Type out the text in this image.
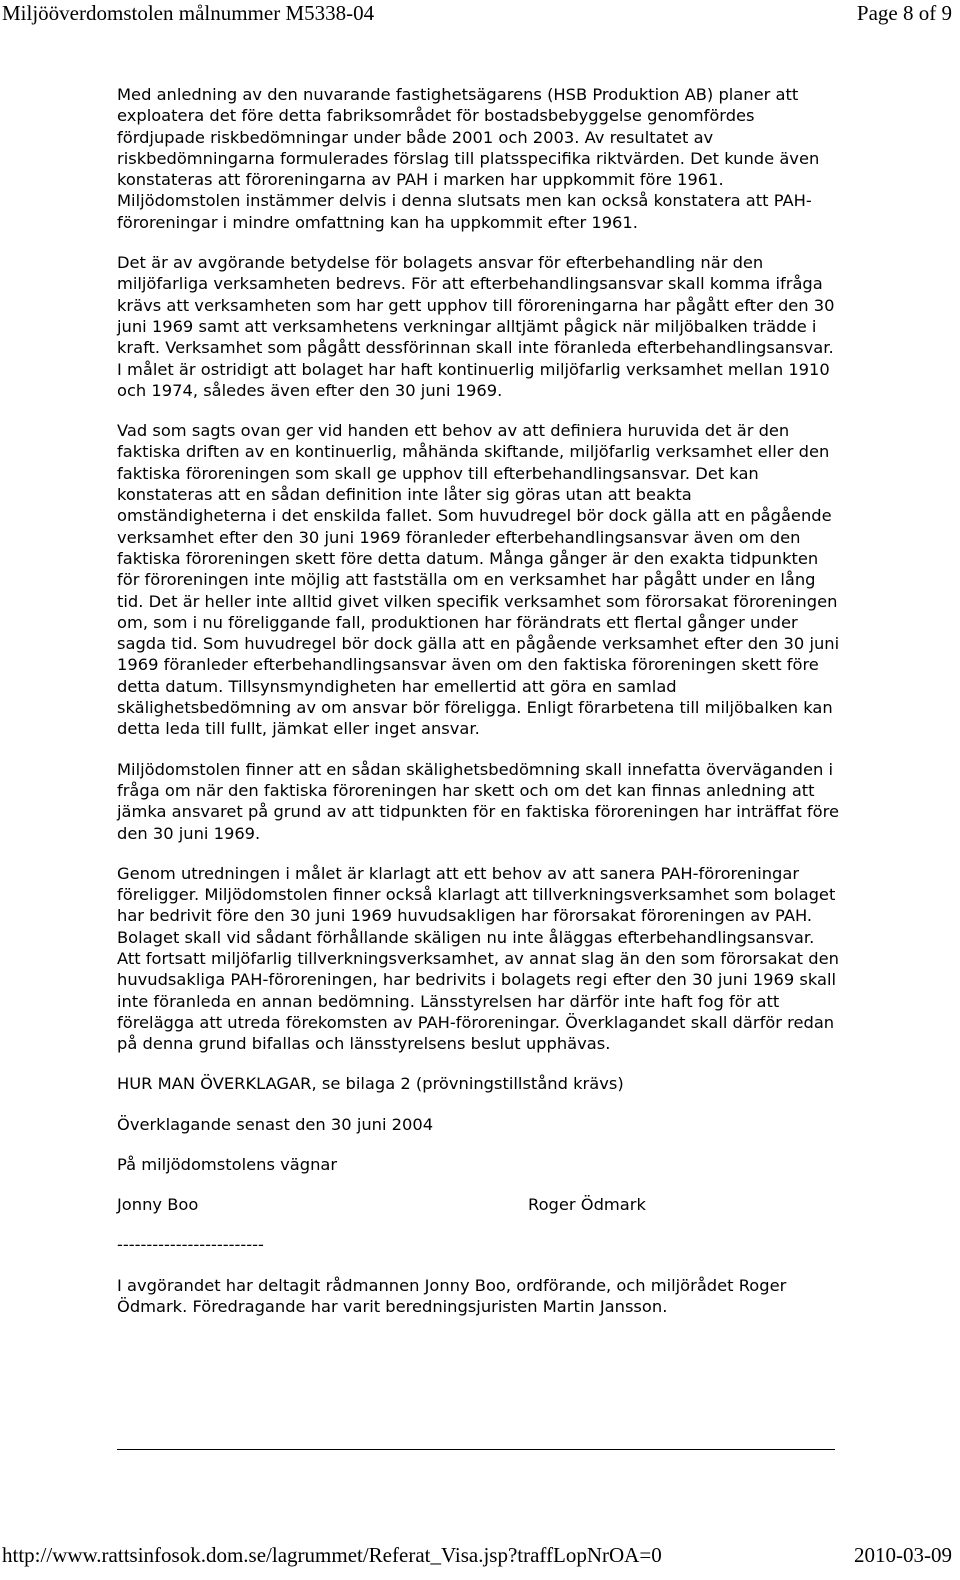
Miljööverdomstolen målnummer M5338-04	Page 8 of 9

Med anledning av den nuvarande fastighetsägarens (HSB Produktion AB) planer att exploatera det före detta fabriksområdet för bostadsbebyggelse genomfördes fördjupade riskbedömningar under både 2001 och 2003. Av resultatet av riskbedömningarna formulerades förslag till platsspecifika riktvärden. Det kunde även konstateras att föroreningarna av PAH i marken har uppkommit före 1961. Miljödomstolen instämmer delvis i denna slutsats men kan också konstatera att PAH-föroreningar i mindre omfattning kan ha uppkommit efter 1961.

Det är av avgörande betydelse för bolagets ansvar för efterbehandling när den miljöfarliga verksamheten bedrevs. För att efterbehandlingsansvar skall komma ifråga krävs att verksamheten som har gett upphov till föroreningarna har pågått efter den 30 juni 1969 samt att verksamhetens verkningar alltjämt pågick när miljöbalken trädde i kraft. Verksamhet som pågått dessförinnan skall inte föranleda efterbehandlingsansvar. I målet är ostridigt att bolaget har haft kontinuerlig miljöfarlig verksamhet mellan 1910 och 1974, således även efter den 30 juni 1969.

Vad som sagts ovan ger vid handen ett behov av att definiera huruvida det är den faktiska driften av en kontinuerlig, måhända skiftande, miljöfarlig verksamhet eller den faktiska föroreningen som skall ge upphov till efterbehandlingsansvar. Det kan konstateras att en sådan definition inte låter sig göras utan att beakta omständigheterna i det enskilda fallet. Som huvudregel bör dock gälla att en pågående verksamhet efter den 30 juni 1969 föranleder efterbehandlingsansvar även om den faktiska föroreningen skett före detta datum. Många gånger är den exakta tidpunkten för föroreningen inte möjlig att fastställa om en verksamhet har pågått under en lång tid. Det är heller inte alltid givet vilken specifik verksamhet som förorsakat föroreningen om, som i nu föreliggande fall, produktionen har förändrats ett flertal gånger under sagda tid. Som huvudregel bör dock gälla att en pågående verksamhet efter den 30 juni 1969 föranleder efterbehandlingsansvar även om den faktiska föroreningen skett före detta datum. Tillsynsmyndigheten har emellertid att göra en samlad skälighetsbedömning av om ansvar bör föreligga. Enligt förarbetena till miljöbalken kan detta leda till fullt, jämkat eller inget ansvar.

Miljödomstolen finner att en sådan skälighetsbedömning skall innefatta överväganden i fråga om när den faktiska föroreningen har skett och om det kan finnas anledning att jämka ansvaret på grund av att tidpunkten för en faktiska föroreningen har inträffat före den 30 juni 1969.

Genom utredningen i målet är klarlagt att ett behov av att sanera PAH-föroreningar föreligger. Miljödomstolen finner också klarlagt att tillverkningsverksamhet som bolaget har bedrivit före den 30 juni 1969 huvudsakligen har förorsakat föroreningen av PAH. Bolaget skall vid sådant förhållande skäligen nu inte åläggas efterbehandlingsansvar. Att fortsatt miljöfarlig tillverkningsverksamhet, av annat slag än den som förorsakat den huvudsakliga PAH-föroreningen, har bedrivits i bolagets regi efter den 30 juni 1969 skall inte föranleda en annan bedömning. Länsstyrelsen har därför inte haft fog för att förelägga att utreda förekomsten av PAH-föroreningar. Överklagandet skall därför redan på denna grund bifallas och länsstyrelsens beslut upphävas.

HUR MAN ÖVERKLAGAR, se bilaga 2 (prövningstillstånd krävs)

Överklagande senast den 30 juni 2004

På miljödomstolens vägnar

Jonny Boo	Roger Ödmark
-------------------------

I avgörandet har deltagit rådmannen Jonny Boo, ordförande, och miljörådet Roger Ödmark. Föredragande har varit beredningsjuristen Martin Jansson.

http://www.rattsinfosok.dom.se/lagrummet/Referat_Visa.jsp?traffLopNrOA=0	2010-03-09
